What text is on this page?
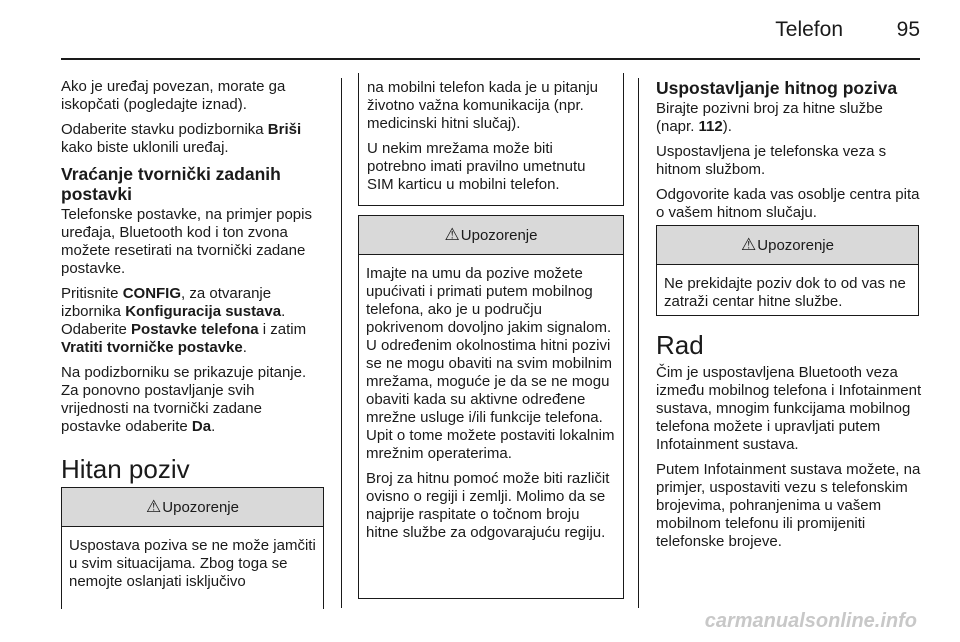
Telefon	95

Ako je uređaj povezan, morate ga iskopčati (pogledajte iznad).

Odaberite stavku podizbornika Briši kako biste uklonili uređaj.

Vraćanje tvornički zadanih postavki

Telefonske postavke, na primjer popis uređaja, Bluetooth kod i ton zvona možete resetirati na tvornički zadane postavke.

Pritisnite CONFIG, za otvaranje izbornika Konfiguracija sustava. Odaberite Postavke telefona i zatim Vratiti tvorničke postavke.

Na podizborniku se prikazuje pitanje. Za ponovno postavljanje svih vrijednosti na tvornički zadane postavke odaberite Da.

Hitan poziv
⚠ Upozorenje

Uspostava poziva se ne može jamčiti u svim situacijama. Zbog toga se nemojte oslanjati isključivo

na mobilni telefon kada je u pitanju životno važna komunikacija (npr. medicinski hitni slučaj).

U nekim mrežama može biti potrebno imati pravilno umetnutu SIM karticu u mobilni telefon.

⚠ Upozorenje

Imajte na umu da pozive možete upućivati i primati putem mobilnog telefona, ako je u području pokrivenom dovoljno jakim signalom. U određenim okolnostima hitni pozivi se ne mogu obaviti na svim mobilnim mrežama, moguće je da se ne mogu obaviti kada su aktivne određene mrežne usluge i/ili funkcije telefona. Upit o tome možete postaviti lokalnim mrežnim operaterima.

Broj za hitnu pomoć može biti različit ovisno o regiji i zemlji. Molimo da se najprije raspitate o točnom broju hitne službe za odgovarajuću regiju.

Uspostavljanje hitnog poziva

Birajte pozivni broj za hitne službe (napr. 112).

Uspostavljena je telefonska veza s hitnom službom.

Odgovorite kada vas osoblje centra pita o vašem hitnom slučaju.

⚠ Upozorenje

Ne prekidajte poziv dok to od vas ne zatraži centar hitne službe.

Rad

Čim je uspostavljena Bluetooth veza između mobilnog telefona i Infotainment sustava, mnogim funkcijama mobilnog telefona možete i upravljati putem Infotainment sustava.

Putem Infotainment sustava možete, na primjer, uspostaviti vezu s telefonskim brojevima, pohranjenima u vašem mobilnom telefonu ili promijeniti telefonske brojeve.

carmanualsonline.info
